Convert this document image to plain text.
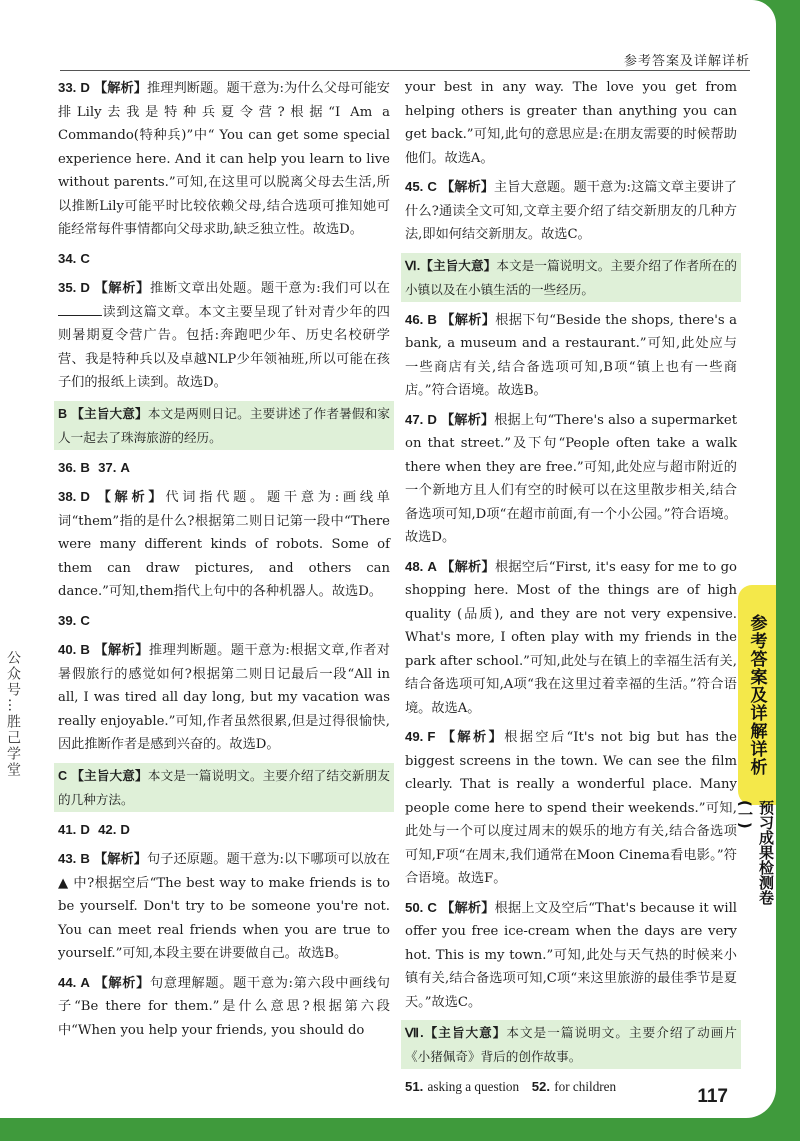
参考答案及详解详析

33. D 【解析】推理判断题。题干意为:为什么父母可能安排Lily去我是特种兵夏令营?根据“I Am a Commando(特种兵)”中“ You can get some special experience here. And it can help you learn to live without parents.”可知,在这里可以脱离父母去生活,所以推断Lily可能平时比较依赖父母,结合选项可推知她可能经常每件事情都向父母求助,缺乏独立性。故选D。

34. C

35. D 【解析】推断文章出处题。题干意为:我们可以在读到这篇文章。本文主要呈现了针对青少年的四则暑期夏令营广告。包括:奔跑吧少年、历史名校研学营、我是特种兵以及卓越NLP少年领袖班,所以可能在孩子们的报纸上读到。故选D。

B 【主旨大意】本文是两则日记。主要讲述了作者暑假和家人一起去了珠海旅游的经历。

36. B 37. A

38. D 【解析】代词指代题。题干意为:画线单词“them”指的是什么?根据第二则日记第一段中“There were many different kinds of robots. Some of them can draw pictures, and others can dance.”可知,them指代上句中的各种机器人。故选D。

39. C

40. B 【解析】推理判断题。题干意为:根据文章,作者对暑假旅行的感觉如何?根据第二则日记最后一段“All in all, I was tired all day long, but my vacation was really enjoyable.”可知,作者虽然很累,但是过得很愉快,因此推断作者是感到兴奋的。故选D。

C 【主旨大意】本文是一篇说明文。主要介绍了结交新朋友的几种方法。

41. D 42. D

43. B 【解析】句子还原题。题干意为:以下哪项可以放在 ▲ 中?根据空后“The best way to make friends is to be yourself. Don't try to be someone you're not. You can meet real friends when you are true to yourself.”可知,本段主要在讲要做自己。故选B。

44. A 【解析】句意理解题。题干意为:第六段中画线句子“Be there for them.”是什么意思?根据第六段中“When you help your friends, you should do

your best in any way. The love you get from helping others is greater than anything you can get back.”可知,此句的意思应是:在朋友需要的时候帮助他们。故选A。

45. C 【解析】主旨大意题。题干意为:这篇文章主要讲了什么?通读全文可知,文章主要介绍了结交新朋友的几种方法,即如何结交新朋友。故选C。

Ⅵ.【主旨大意】本文是一篇说明文。主要介绍了作者所在的小镇以及在小镇生活的一些经历。

46. B 【解析】根据下句“Beside the shops, there's a bank, a museum and a restaurant.”可知,此处应与一些商店有关,结合备选项可知,B项“镇上也有一些商店。”符合语境。故选B。

47. D 【解析】根据上句“There's also a supermarket on that street.”及下句“People often take a walk there when they are free.”可知,此处应与超市附近的一个新地方且人们有空的时候可以在这里散步相关,结合备选项可知,D项“在超市前面,有一个小公园。”符合语境。故选D。

48. A 【解析】根据空后“First, it's easy for me to go shopping here. Most of the things are of high quality (品质), and they are not very expensive. What's more, I often play with my friends in the park after school.”可知,此处与在镇上的幸福生活有关,结合备选项可知,A项“我在这里过着幸福的生活。”符合语境。故选A。

49. F 【解析】根据空后“It's not big but has the biggest screens in the town. We can see the film clearly. That is really a wonderful place. Many people come here to spend their weekends.”可知,此处与一个可以度过周末的娱乐的地方有关,结合备选项可知,F项“在周末,我们通常在Moon Cinema看电影。”符合语境。故选F。

50. C 【解析】根据上文及空后“That's because it will offer you free ice-cream when the days are very hot. This is my town.”可知,此处与天气热的时候来小镇有关,结合备选项可知,C项“来这里旅游的最佳季节是夏天。”故选C。

Ⅶ.【主旨大意】本文是一篇说明文。主要介绍了动画片《小猪佩奇》背后的创作故事。

51. asking a question 52. for children

参考答案及详解详析
预习成果检测卷(一)
公众号…胜己学堂
117
